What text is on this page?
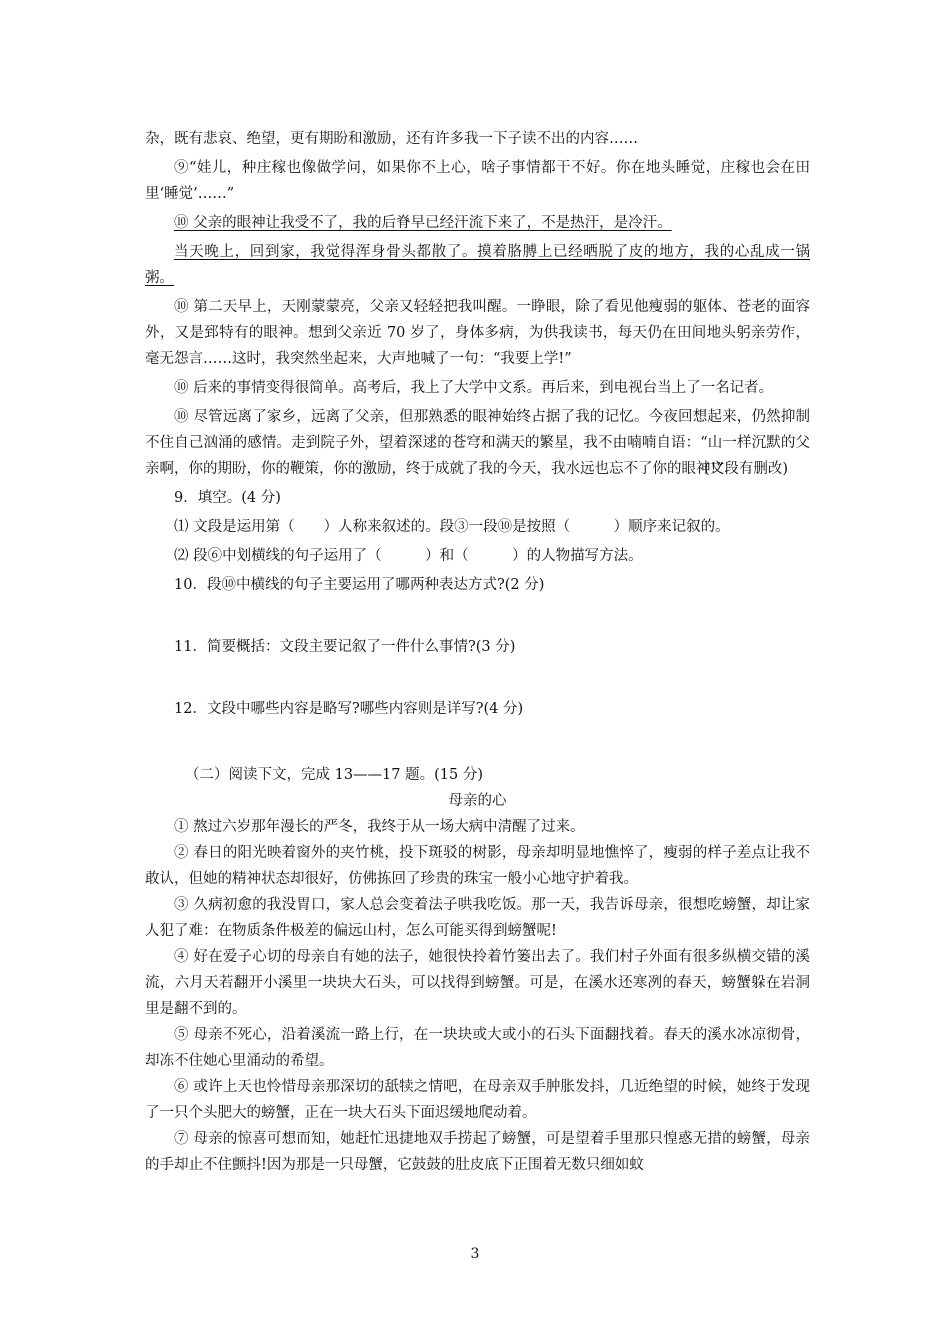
杂，既有悲哀、绝望，更有期盼和激励，还有许多我一下子读不出的内容……

⑨“娃儿，种庄稼也像做学问，如果你不上心，啥子事情都干不好。你在地头睡觉，庄稼也会在田里‘睡觉’……”

⑩ 父亲的眼神让我受不了，我的后脊早已经汗流下来了，不是热汗，是冷汗。

当天晚上，回到家，我觉得浑身骨头都散了。摸着胳膊上已经晒脱了皮的地方，我的心乱成一锅粥。

⑩ 第二天早上，天刚蒙蒙亮，父亲又轻轻把我叫醒。一睁眼，除了看见他瘦弱的躯体、苍老的面容外，又是郅特有的眼神。想到父亲近 70 岁了，身体多病，为供我读书，每天仍在田间地头躬亲劳作，毫无怨言……这时，我突然坐起来，大声地喊了一句：“我要上学!”

⑩ 后来的事情变得很简单。高考后，我上了大学中文系。再后来，到电视台当上了一名记者。

⑩ 尽管远离了家乡，远离了父亲，但那熟悉的眼神始终占据了我的记忆。今夜回想起来，仍然抑制不住自己汹涌的感情。走到院子外，望着深逑的苍穹和满天的繁星，我不由喃喃自语：“山一样沉默的父亲啊，你的期盼，你的鞭策，你的激励，终于成就了我的今天，我水远也忘不了你的眼神!”

(文段有删改)

9．填空。(4 分)

⑴ 文段是运用第（　　）人称来叙述的。段③一段⑩是按照（　　　）顺序来记叙的。

⑵ 段⑥中划横线的句子运用了（　　　）和（　　　）的人物描写方法。

10．段⑩中横线的句子主要运用了哪两种表达方式?(2 分)

11．简要概括：文段主要记叙了一件什么事情?(3 分)

12．文段中哪些内容是略写?哪些内容则是详写?(4 分)

（二）阅读下文，完成 13——17 题。(15 分)

母亲的心

① 熬过六岁那年漫长的严冬，我终于从一场大病中清醒了过来。

② 春日的阳光映着窗外的夹竹桃，投下斑驳的树影，母亲却明显地憔悴了，瘦弱的样子差点让我不敢认，但她的精神状态却很好，仿佛拣回了珍贵的珠宝一般小心地守护着我。

③ 久病初愈的我没胃口，家人总会变着法子哄我吃饭。那一天，我告诉母亲，很想吃螃蟹，却让家人犯了难：在物质条件极差的偏远山村，怎么可能买得到螃蟹呢!

④ 好在爱子心切的母亲自有她的法子，她很快拎着竹篓出去了。我们村子外面有很多纵横交错的溪流，六月天若翻开小溪里一块块大石头，可以找得到螃蟹。可是，在溪水还寒冽的春天，螃蟹躲在岩洞里是翻不到的。

⑤ 母亲不死心，沿着溪流一路上行，在一块块或大或小的石头下面翻找着。春天的溪水冰凉彻骨，却冻不住她心里涌动的希望。

⑥ 或许上天也怜惜母亲那深切的舐犊之情吧，在母亲双手肿胀发抖，几近绝望的时候，她终于发现了一只个头肥大的螃蟹，正在一块大石头下面迟缓地爬动着。

⑦ 母亲的惊喜可想而知，她赶忙迅捷地双手捞起了螃蟹，可是望着手里那只惶惑无措的螃蟹，母亲的手却止不住颤抖!因为那是一只母蟹，它鼓鼓的肚皮底下正围着无数只细如蚊

3
